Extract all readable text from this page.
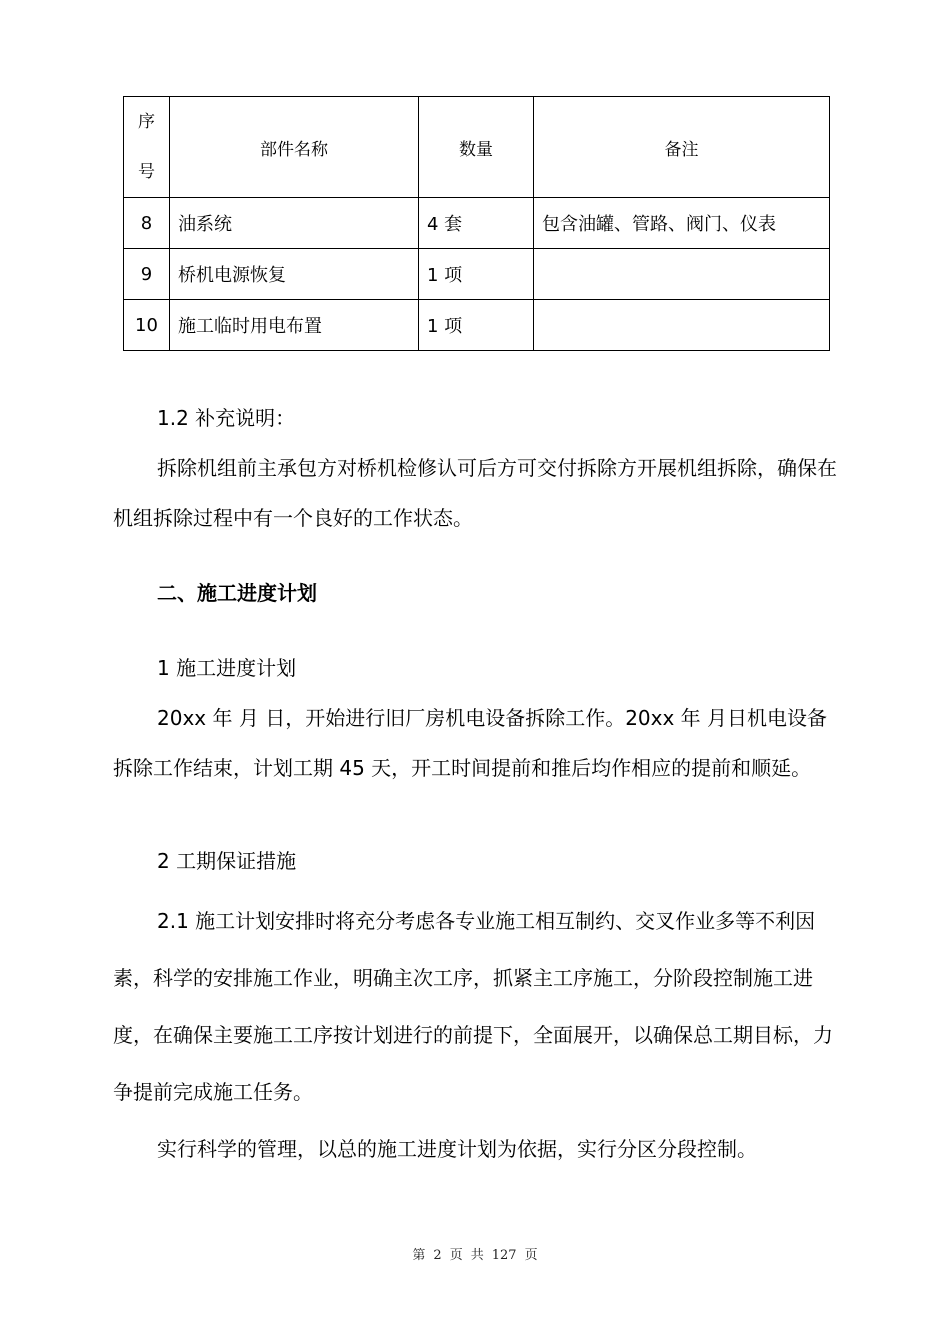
序
号	部件名称	数量	备注
8	油系统	4 套	包含油罐、管路、阀门、仪表
9	桥机电源恢复	1 项	
10	施工临时用电布置	1 项	

1.2 补充说明：

拆除机组前主承包方对桥机检修认可后方可交付拆除方开展机组拆除，确保在机组拆除过程中有一个良好的工作状态。

二、施工进度计划

1 施工进度计划

20xx 年 月 日，开始进行旧厂房机电设备拆除工作。20xx 年 月日机电设备拆除工作结束，计划工期 45 天，开工时间提前和推后均作相应的提前和顺延。

2 工期保证措施

2.1 施工计划安排时将充分考虑各专业施工相互制约、交叉作业多等不利因素，科学的安排施工作业，明确主次工序，抓紧主工序施工，分阶段控制施工进度，在确保主要施工工序按计划进行的前提下，全面展开，以确保总工期目标，力争提前完成施工任务。

实行科学的管理，以总的施工进度计划为依据，实行分区分段控制。

第 2 页 共 127 页
